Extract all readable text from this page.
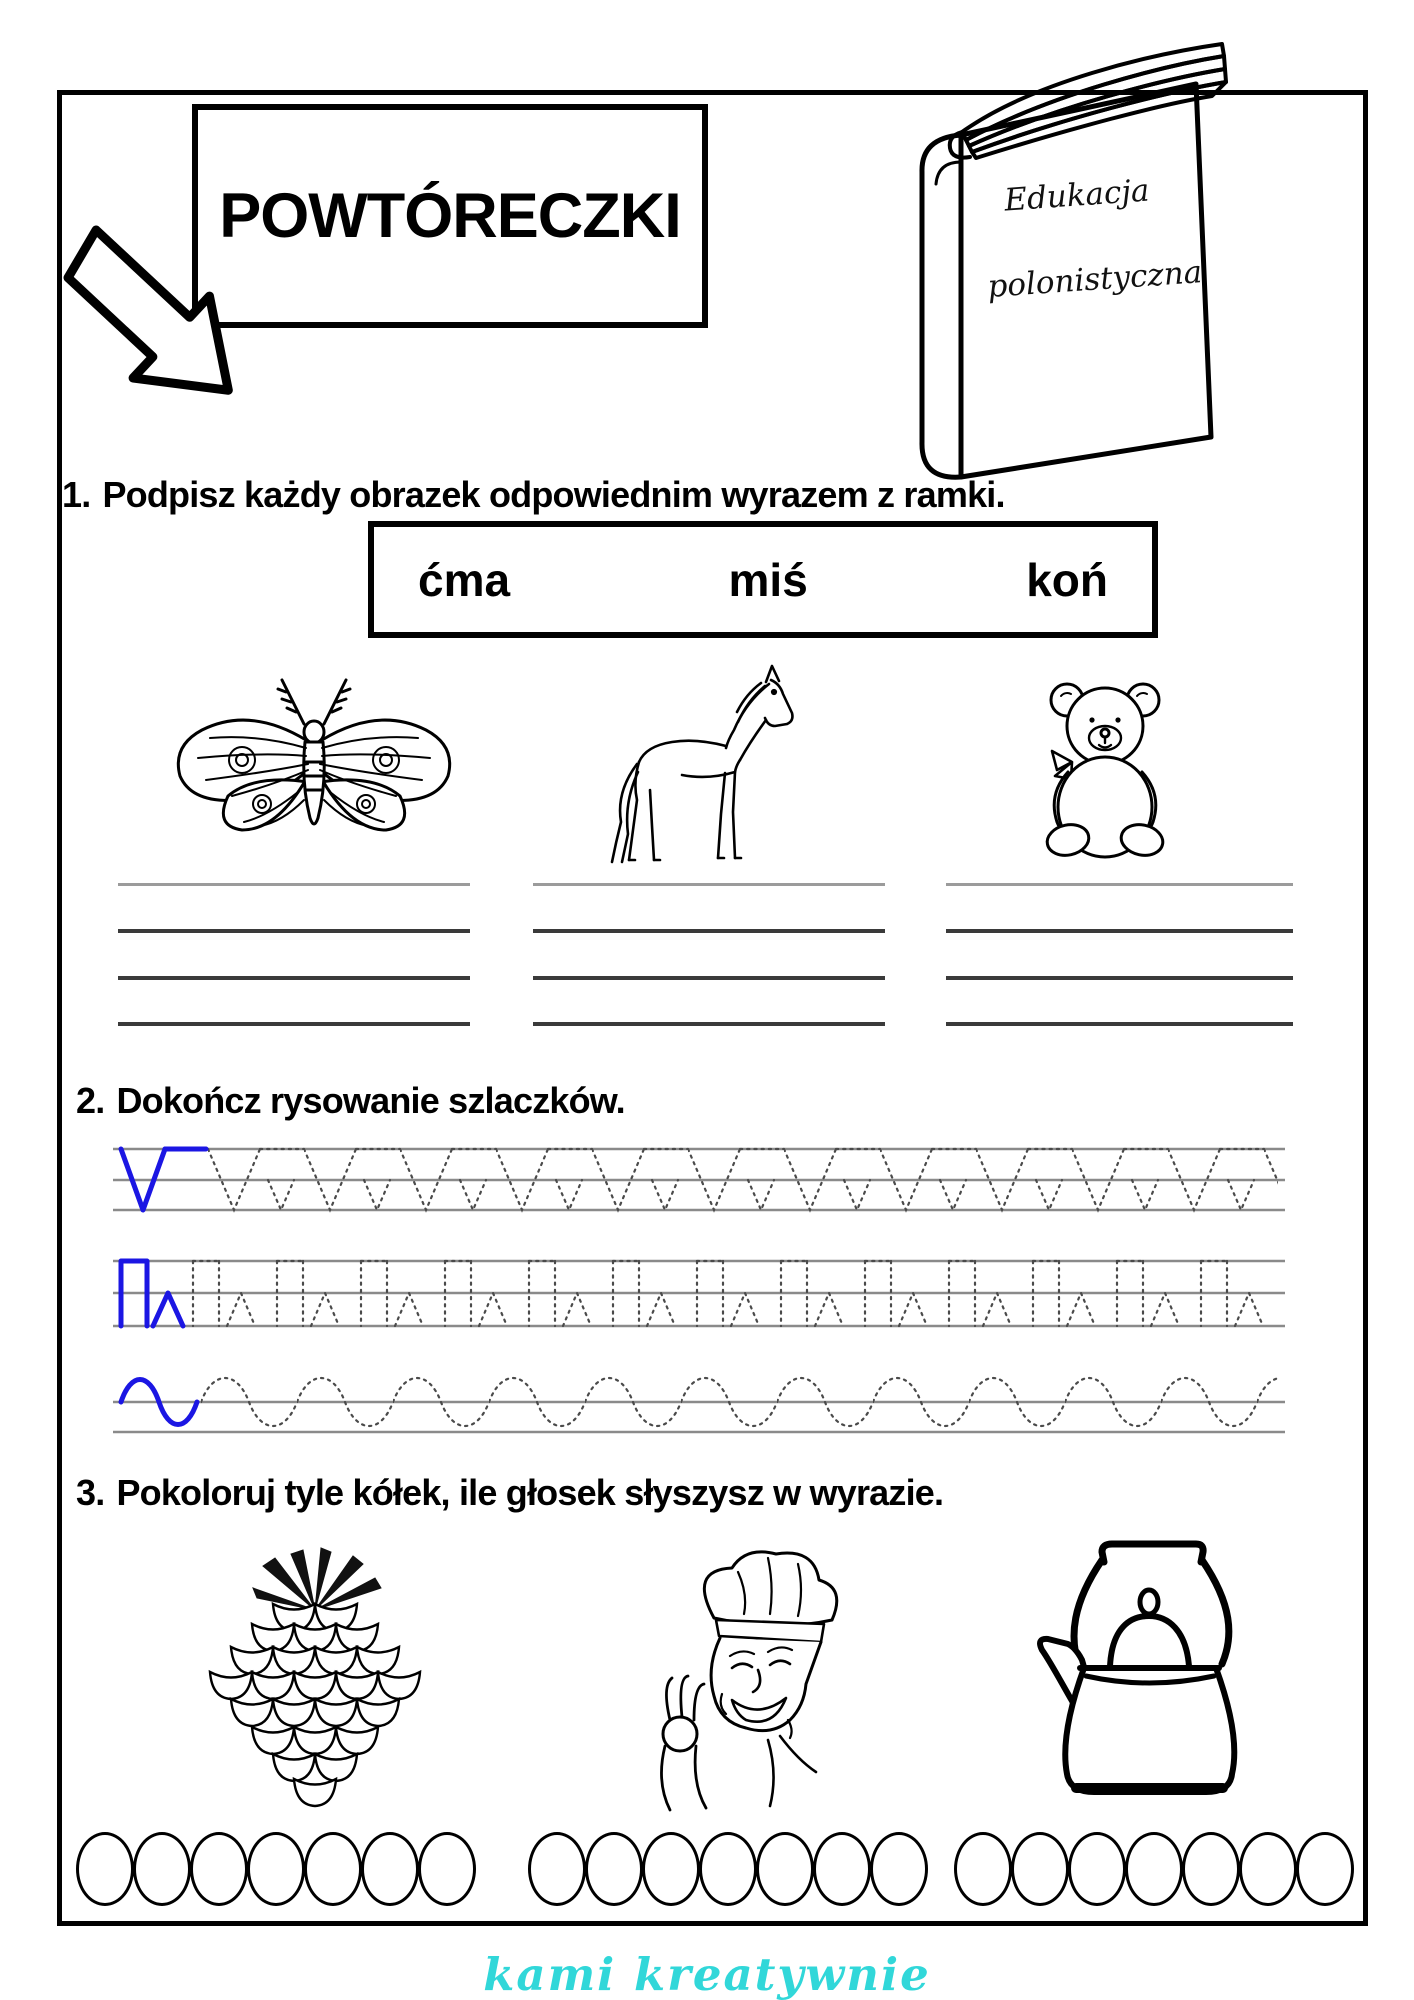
POWTÓRECZKI	Edukacja
polonistyczna
1. Podpisz każdy obrazek odpowiednim wyrazem z ramki.
ćma	miś	koń
2. Dokończ rysowanie szlaczków.
3. Pokoloruj tyle kółek, ile głosek słyszysz w wyrazie.
kami kreatywnie
